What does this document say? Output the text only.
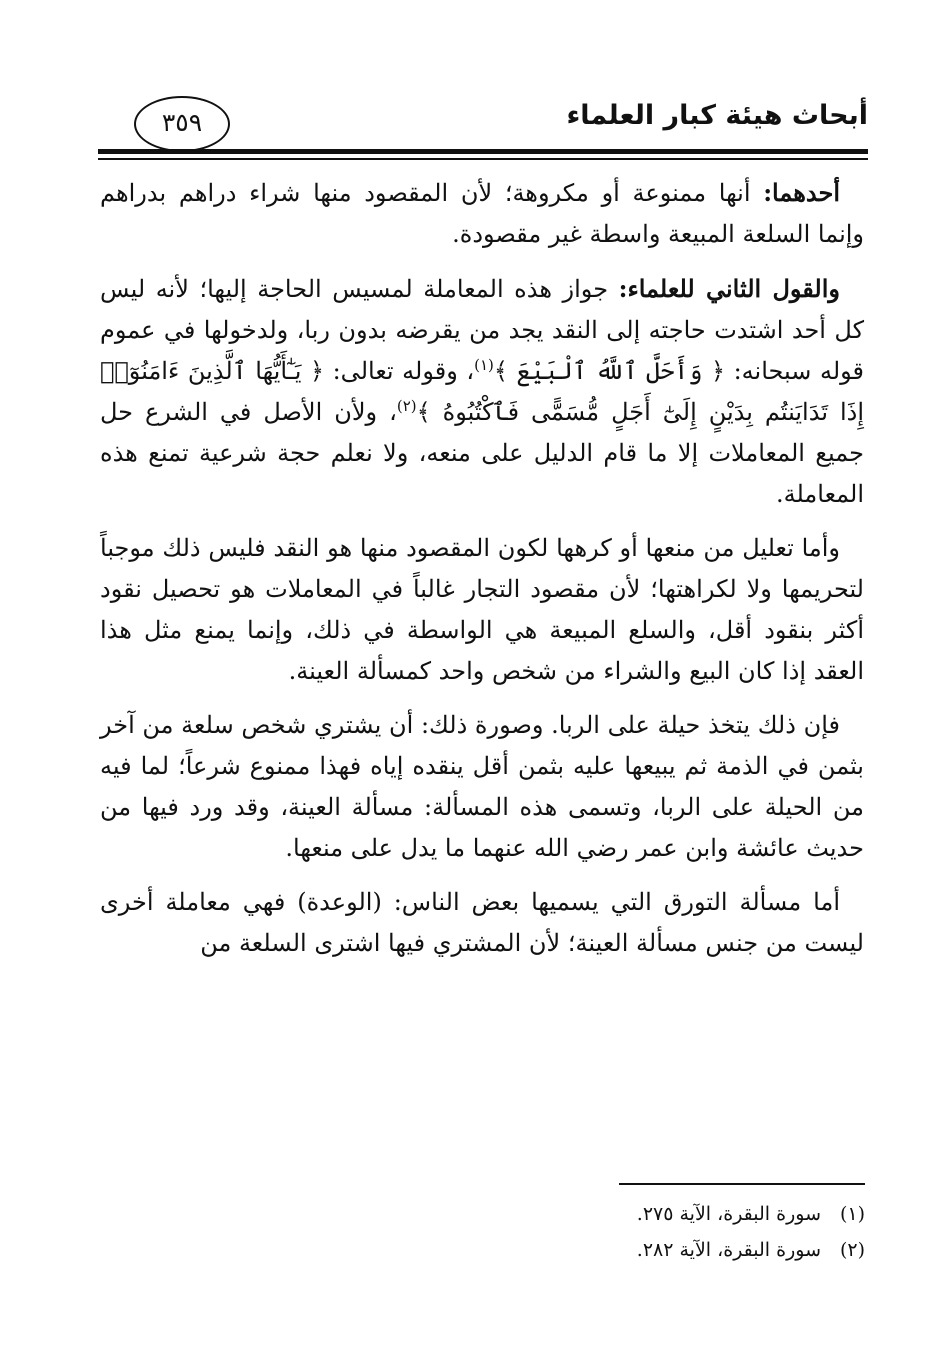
أبحاث هيئة كبار العلماء
٣٥٩

أحدهما: أنها ممنوعة أو مكروهة؛ لأن المقصود منها شراء دراهم بدراهم وإنما السلعة المبيعة واسطة غير مقصودة.

والقول الثاني للعلماء: جواز هذه المعاملة لمسيس الحاجة إليها؛ لأنه ليس كل أحد اشتدت حاجته إلى النقد يجد من يقرضه بدون ربا، ولدخولها في عموم قوله سبحانه: ﴿ وَأَحَلَّ ٱللَّهُ ٱلْبَيْعَ ﴾$^{(١)}$، وقوله تعالى: ﴿ يَـٰٓأَيُّهَا ٱلَّذِينَ ءَامَنُوٓا۟ إِذَا تَدَايَنتُم بِدَيْنٍ إِلَىٰٓ أَجَلٍ مُّسَمًّى فَٱكْتُبُوهُ ﴾$^{(٢)}$، ولأن الأصل في الشرع حل جميع المعاملات إلا ما قام الدليل على منعه، ولا نعلم حجة شرعية تمنع هذه المعاملة.

وأما تعليل من منعها أو كرهها لكون المقصود منها هو النقد فليس ذلك موجباً لتحريمها ولا لكراهتها؛ لأن مقصود التجار غالباً في المعاملات هو تحصيل نقود أكثر بنقود أقل، والسلع المبيعة هي الواسطة في ذلك، وإنما يمنع مثل هذا العقد إذا كان البيع والشراء من شخص واحد كمسألة العينة.

فإن ذلك يتخذ حيلة على الربا. وصورة ذلك: أن يشتري شخص سلعة من آخر بثمن في الذمة ثم يبيعها عليه بثمن أقل ينقده إياه فهذا ممنوع شرعاً؛ لما فيه من الحيلة على الربا، وتسمى هذه المسألة: مسألة العينة، وقد ورد فيها من حديث عائشة وابن عمر رضي الله عنهما ما يدل على منعها.

أما مسألة التورق التي يسميها بعض الناس: (الوعدة) فهي معاملة أخرى ليست من جنس مسألة العينة؛ لأن المشتري فيها اشترى السلعة من

(١)سورة البقرة، الآية ٢٧٥.
(٢)سورة البقرة، الآية ٢٨٢.
